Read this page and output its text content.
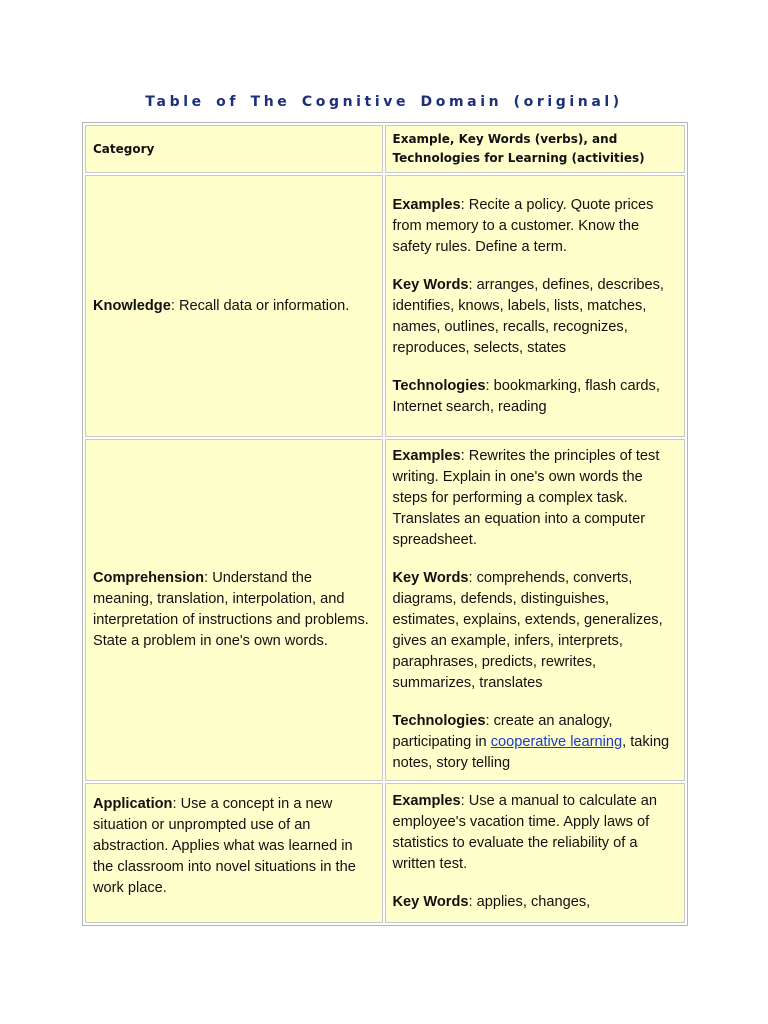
Table of The Cognitive Domain (original)
Category	Example, Key Words (verbs), and
Technologies for Learning (activities)
Knowledge: Recall data or information.	Examples: Recite a policy. Quote prices from memory to a customer. Know the safety rules. Define a term.

Key Words: arranges, defines, describes, identifies, knows, labels, lists, matches, names, outlines, recalls, recognizes, reproduces, selects, states

Technologies: bookmarking, flash cards, Internet search, reading

Comprehension: Understand the meaning, translation, interpolation, and interpretation of instructions and problems. State a problem in one's own words.	Examples: Rewrites the principles of test writing. Explain in one's own words the steps for performing a complex task. Translates an equation into a computer spreadsheet.

Key Words: comprehends, converts, diagrams, defends, distinguishes, estimates, explains, extends, generalizes, gives an example, infers, interprets, paraphrases, predicts, rewrites, summarizes, translates

Technologies: create an analogy, participating in cooperative learning, taking notes, story telling

Application: Use a concept in a new situation or unprompted use of an abstraction. Applies what was learned in the classroom into novel situations in the work place.	Examples: Use a manual to calculate an employee's vacation time. Apply laws of statistics to evaluate the reliability of a written test.

Key Words: applies, changes,
